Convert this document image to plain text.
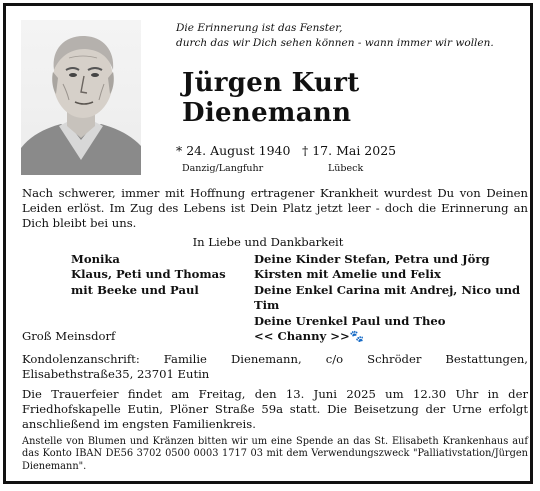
Die Erinnerung ist das Fenster,
durch das wir Dich sehen können - wann immer wir wollen.
Jürgen Kurt
Dienemann
* 24. August 1940 † 17. Mai 2025
Danzig/Langfuhr	Lübeck
Nach schwerer, immer mit Hoffnung ertragener Krankheit wurdest Du von Deinen Leiden erlöst. Im Zug des Lebens ist Dein Platz jetzt leer - doch die Erinnerung an Dich bleibt bei uns.
In Liebe und Dankbarkeit
Monika
Klaus, Peti und Thomas
mit Beeke und Paul
Deine Kinder Stefan, Petra und Jörg
Kirsten mit Amelie und Felix
Deine Enkel Carina mit Andrej, Nico und Tim
Deine Urenkel Paul und Theo
<< Channy >>🐾
Groß Meinsdorf
Kondolenzanschrift: Familie Dienemann, c/o Schröder Bestattungen, Elisabethstraße35, 23701 Eutin
Die Trauerfeier findet am Freitag, den 13. Juni 2025 um 12.30 Uhr in der Friedhofskapelle Eutin, Plöner Straße 59a statt. Die Beisetzung der Urne erfolgt anschließend im engsten Familienkreis.
Anstelle von Blumen und Kränzen bitten wir um eine Spende an das St. Elisabeth Krankenhaus auf das Konto IBAN DE56 3702 0500 0003 1717 03 mit dem Verwendungszweck "Palliativstation/Jürgen Dienemann".
